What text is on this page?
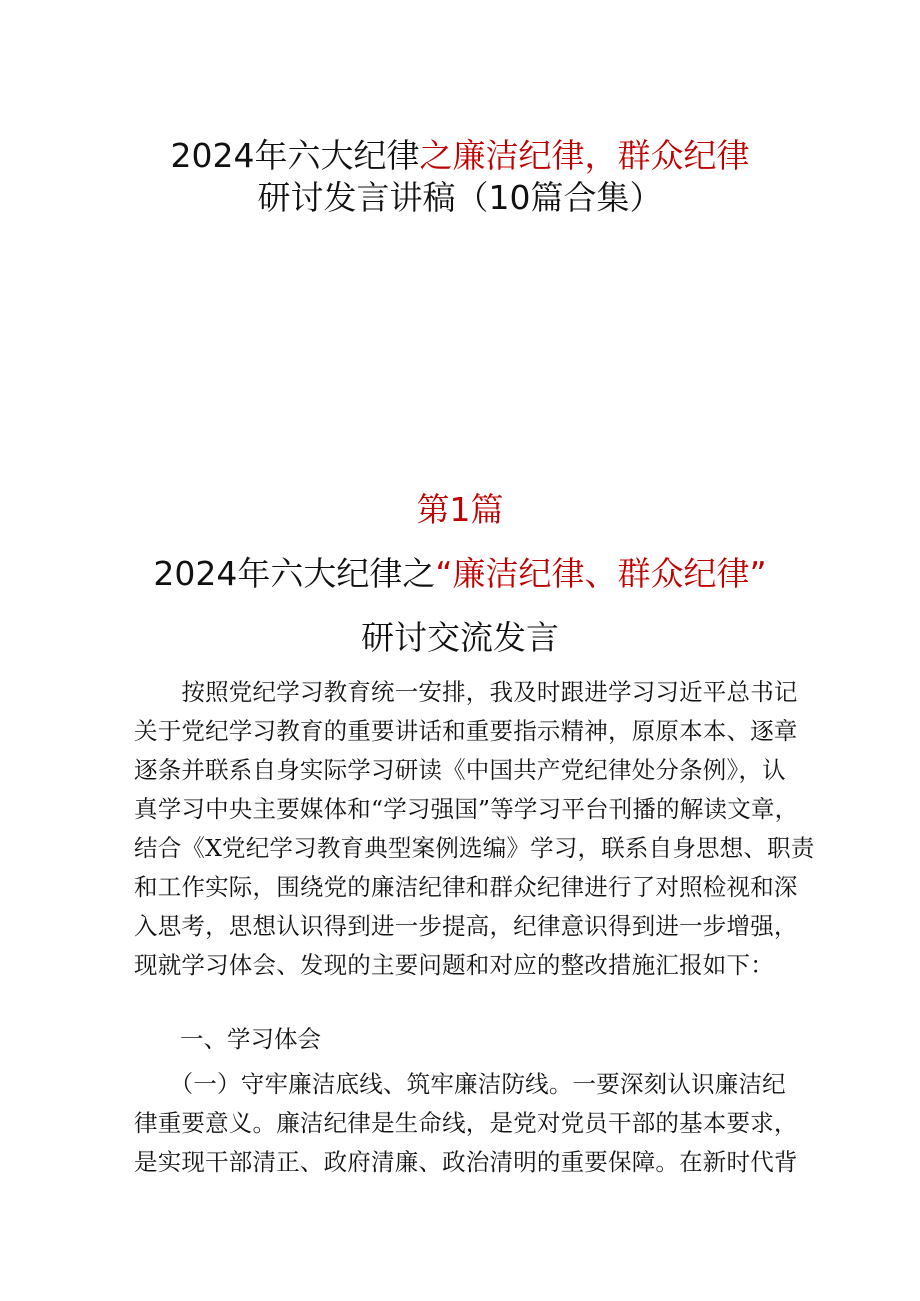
2024年六大纪律之廉洁纪律，群众纪律
研讨发言讲稿（10篇合集）
第1篇
2024年六大纪律之“廉洁纪律、群众纪律”
研讨交流发言
　　按照党纪学习教育统一安排，我及时跟进学习习近平总书记
关于党纪学习教育的重要讲话和重要指示精神，原原本本、逐章
逐条并联系自身实际学习研读《中国共产党纪律处分条例》，认
真学习中央主要媒体和“学习强国”等学习平台刊播的解读文章，
结合《X党纪学习教育典型案例选编》学习，联系自身思想、职责
和工作实际，围绕党的廉洁纪律和群众纪律进行了对照检视和深
入思考，思想认识得到进一步提高，纪律意识得到进一步增强，
现就学习体会、发现的主要问题和对应的整改措施汇报如下：
一、学习体会
　　（一）守牢廉洁底线、筑牢廉洁防线。一要深刻认识廉洁纪
律重要意义。廉洁纪律是生命线，是党对党员干部的基本要求，
是实现干部清正、政府清廉、政治清明的重要保障。在新时代背
